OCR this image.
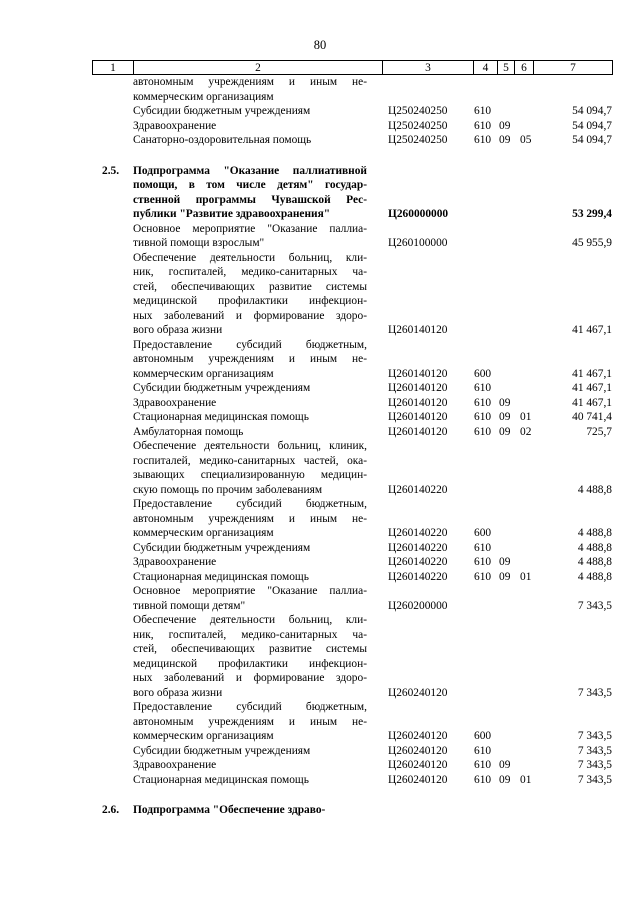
80
1	2	3	4	5	6	7
автономным учреждениям и иным не-
коммерческим организациям
Субсидии бюджетным учреждениям	Ц250240250 610	54 094,7
Здравоохранение	Ц250240250 610 09	54 094,7
Санаторно-оздоровительная помощь	Ц250240250 610 09 05	54 094,7
2.5. Подпрограмма "Оказание паллиативной
помощи, в том числе детям" государ-
ственной программы Чувашской Рес-
публики "Развитие здравоохранения"	Ц260000000	53 299,4
Основное мероприятие "Оказание паллиа-
тивной помощи взрослым"	Ц260100000	45 955,9
Обеспечение деятельности больниц, кли-
ник, госпиталей, медико-санитарных ча-
стей, обеспечивающих развитие системы
медицинской профилактики инфекцион-
ных заболеваний и формирование здоро-
вого образа жизни	Ц260140120	41 467,1
Предоставление субсидий бюджетным,
автономным учреждениям и иным не-
коммерческим организациям	Ц260140120 600	41 467,1
Субсидии бюджетным учреждениям	Ц260140120 610	41 467,1
Здравоохранение	Ц260140120 610 09	41 467,1
Стационарная медицинская помощь	Ц260140120 610 09 01	40 741,4
Амбулаторная помощь	Ц260140120 610 09 02	725,7
Обеспечение деятельности больниц, клиник,
госпиталей, медико-санитарных частей, ока-
зывающих специализированную медицин-
скую помощь по прочим заболеваниям	Ц260140220	4 488,8
Предоставление субсидий бюджетным,
автономным учреждениям и иным не-
коммерческим организациям	Ц260140220 600	4 488,8
Субсидии бюджетным учреждениям	Ц260140220 610	4 488,8
Здравоохранение	Ц260140220 610 09	4 488,8
Стационарная медицинская помощь	Ц260140220 610 09 01	4 488,8
Основное мероприятие "Оказание паллиа-
тивной помощи детям"	Ц260200000	7 343,5
Обеспечение деятельности больниц, кли-
ник, госпиталей, медико-санитарных ча-
стей, обеспечивающих развитие системы
медицинской профилактики инфекцион-
ных заболеваний и формирование здоро-
вого образа жизни	Ц260240120	7 343,5
Предоставление субсидий бюджетным,
автономным учреждениям и иным не-
коммерческим организациям	Ц260240120 600	7 343,5
Субсидии бюджетным учреждениям	Ц260240120 610	7 343,5
Здравоохранение	Ц260240120 610 09	7 343,5
Стационарная медицинская помощь	Ц260240120 610 09 01	7 343,5
2.6. Подпрограмма "Обеспечение здраво-
